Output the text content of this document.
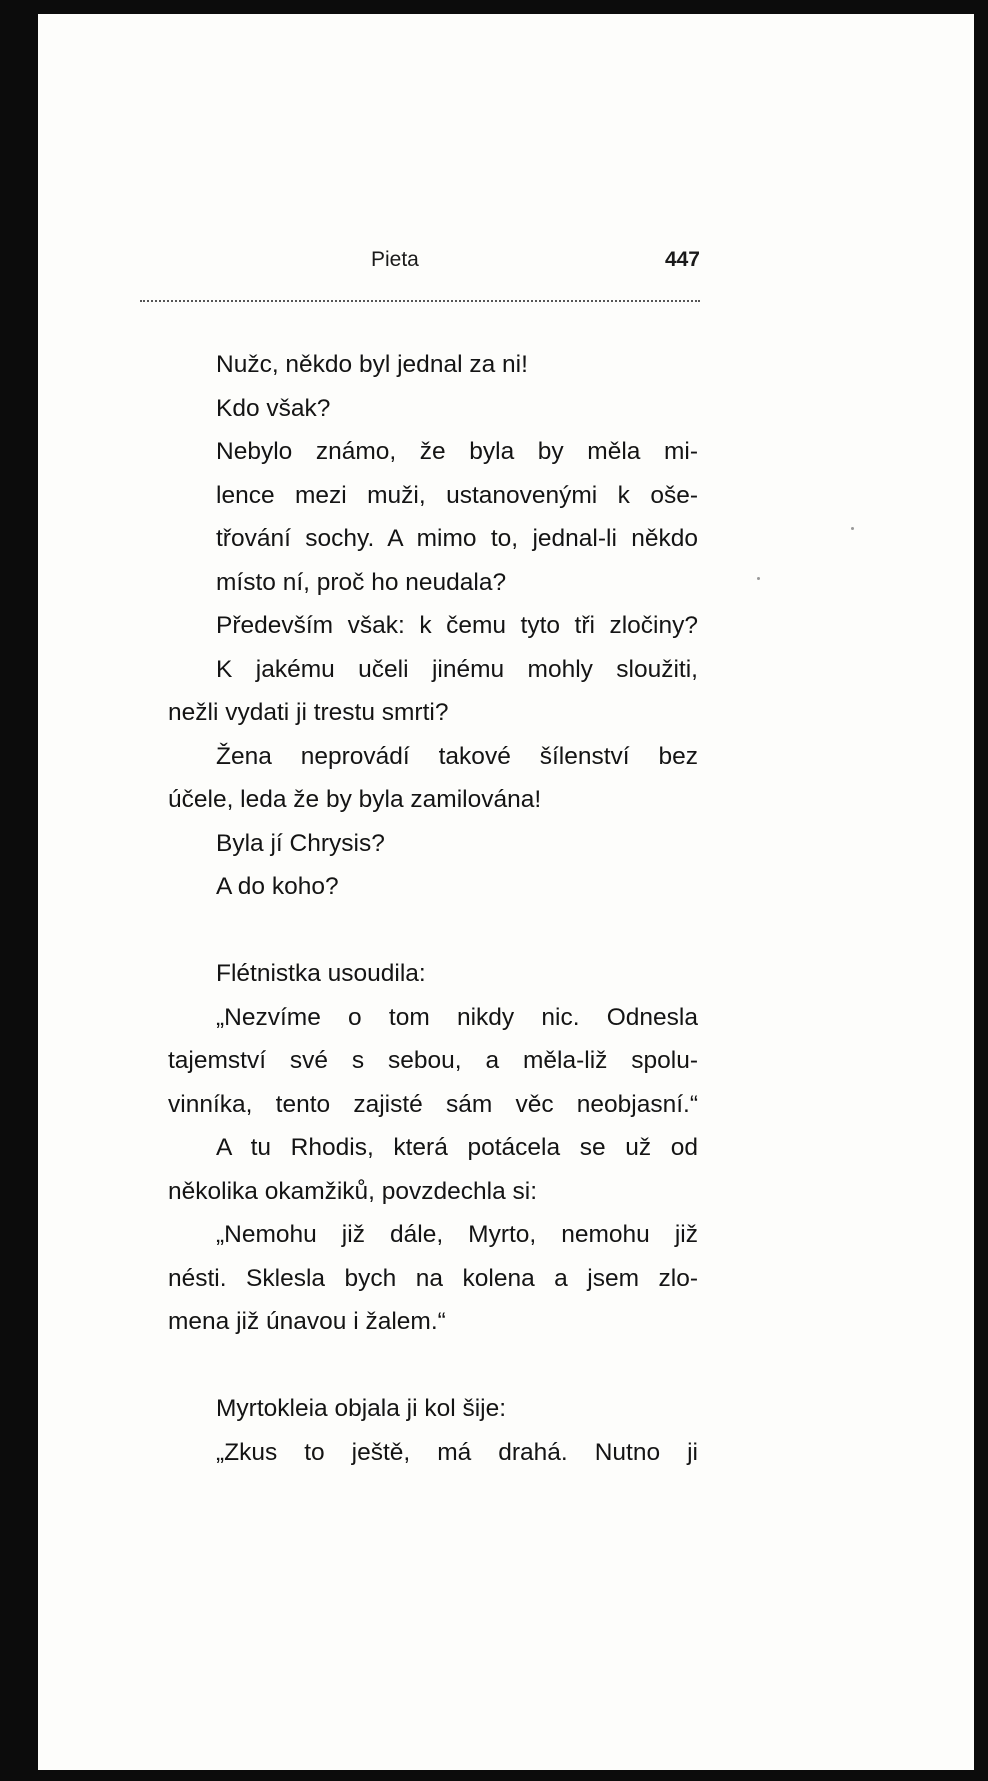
Pieta	447
Nužc, někdo byl jednal za ni!
Kdo však?
Nebylo známo, že byla by měla mi-
lence mezi muži, ustanovenými k oše-
třování sochy. A mimo to, jednal-li někdo
místo ní, proč ho neudala?
Především však: k čemu tyto tři zločiny?
K jakému učeli jinému mohly sloužiti,
nežli vydati ji trestu smrti?
Žena neprovádí takové šílenství bez
účele, leda že by byla zamilována!
Byla jí Chrysis?
A do koho?
Flétnistka usoudila:
„Nezvíme o tom nikdy nic. Odnesla
tajemství své s sebou, a měla-liž spolu-
vinníka, tento zajisté sám věc neobjasní.“
A tu Rhodis, která potácela se už od
několika okamžiků, povzdechla si:
„Nemohu již dále, Myrto, nemohu již
nésti. Sklesla bych na kolena a jsem zlo-
mena již únavou i žalem.“
Myrtokleia objala ji kol šije:
„Zkus to ještě, má drahá. Nutno ji
